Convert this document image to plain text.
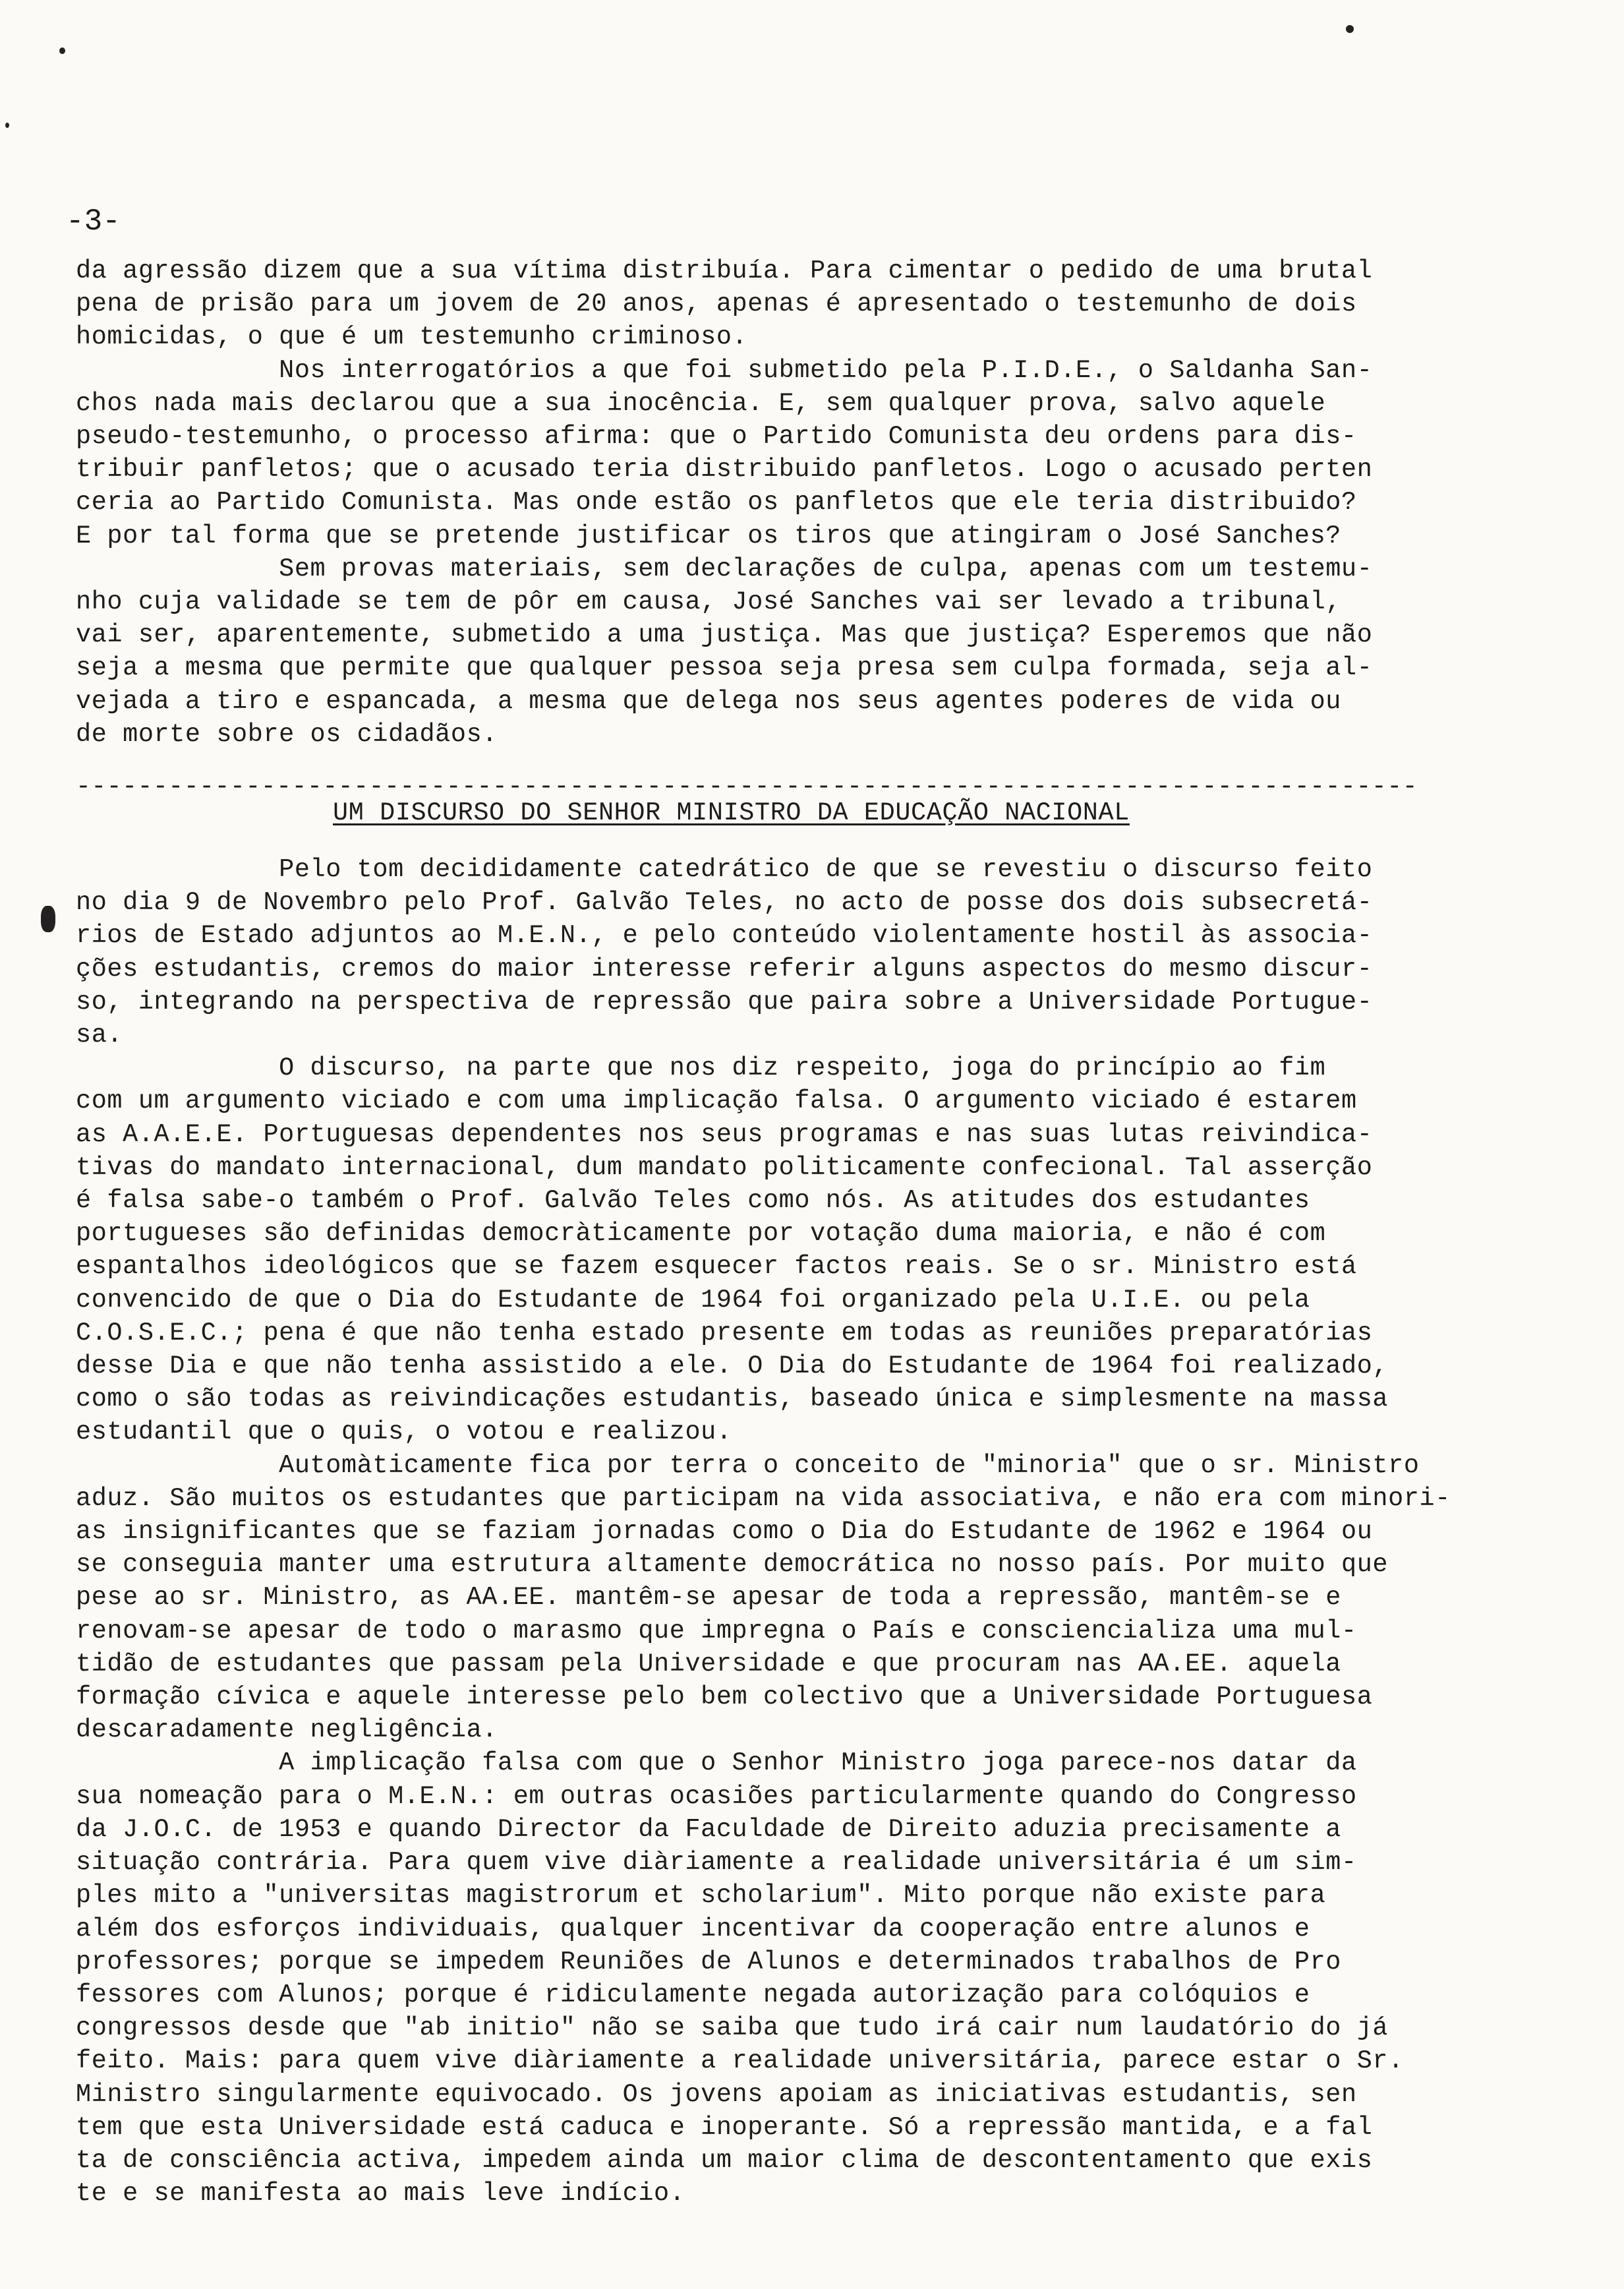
-3-
da agressão dizem que a sua vítima distribuía. Para cimentar o pedido de uma brutal
pena de prisão para um jovem de 20 anos, apenas é apresentado o testemunho de dois
homicidas, o que é um testemunho criminoso.
Nos interrogatórios a que foi submetido pela P.I.D.E., o Saldanha San-
chos nada mais declarou que a sua inocência. E, sem qualquer prova, salvo aquele
pseudo-testemunho, o processo afirma: que o Partido Comunista deu ordens para dis-
tribuir panfletos; que o acusado teria distribuido panfletos. Logo o acusado perten
ceria ao Partido Comunista. Mas onde estão os panfletos que ele teria distribuido?
E por tal forma que se pretende justificar os tiros que atingiram o José Sanches?
Sem provas materiais, sem declarações de culpa, apenas com um testemu-
nho cuja validade se tem de pôr em causa, José Sanches vai ser levado a tribunal,
vai ser, aparentemente, submetido a uma justiça. Mas que justiça? Esperemos que não
seja a mesma que permite que qualquer pessoa seja presa sem culpa formada, seja al-
vejada a tiro e espancada, a mesma que delega nos seus agentes poderes de vida ou
de morte sobre os cidadãos.
---------------------------------------------------------------------------------------
UM DISCURSO DO SENHOR MINISTRO DA EDUCAÇÃO NACIONAL
Pelo tom decididamente catedrático de que se revestiu o discurso feito
no dia 9 de Novembro pelo Prof. Galvão Teles, no acto de posse dos dois subsecretá-
rios de Estado adjuntos ao M.E.N., e pelo conteúdo violentamente hostil às associa-
ções estudantis, cremos do maior interesse referir alguns aspectos do mesmo discur-
so, integrando na perspectiva de repressão que paira sobre a Universidade Portugue-
sa.
O discurso, na parte que nos diz respeito, joga do princípio ao fim
com um argumento viciado e com uma implicação falsa. O argumento viciado é estarem
as A.A.E.E. Portuguesas dependentes nos seus programas e nas suas lutas reivindica-
tivas do mandato internacional, dum mandato politicamente confecional. Tal asserção
é falsa sabe-o também o Prof. Galvão Teles como nós. As atitudes dos estudantes
portugueses são definidas democràticamente por votação duma maioria, e não é com
espantalhos ideológicos que se fazem esquecer factos reais. Se o sr. Ministro está
convencido de que o Dia do Estudante de 1964 foi organizado pela U.I.E. ou pela
C.O.S.E.C.; pena é que não tenha estado presente em todas as reuniões preparatórias
desse Dia e que não tenha assistido a ele. O Dia do Estudante de 1964 foi realizado,
como o são todas as reivindicações estudantis, baseado única e simplesmente na massa
estudantil que o quis, o votou e realizou.
Automàticamente fica por terra o conceito de "minoria" que o sr. Ministro
aduz. São muitos os estudantes que participam na vida associativa, e não era com minori-
as insignificantes que se faziam jornadas como o Dia do Estudante de 1962 e 1964 ou
se conseguia manter uma estrutura altamente democrática no nosso país. Por muito que
pese ao sr. Ministro, as AA.EE. mantêm-se apesar de toda a repressão, mantêm-se e
renovam-se apesar de todo o marasmo que impregna o País e consciencializa uma mul-
tidão de estudantes que passam pela Universidade e que procuram nas AA.EE. aquela
formação cívica e aquele interesse pelo bem colectivo que a Universidade Portuguesa
descaradamente negligência.
A implicação falsa com que o Senhor Ministro joga parece-nos datar da
sua nomeação para o M.E.N.: em outras ocasiões particularmente quando do Congresso
da J.O.C. de 1953 e quando Director da Faculdade de Direito aduzia precisamente a
situação contrária. Para quem vive diàriamente a realidade universitária é um sim-
ples mito a "universitas magistrorum et scholarium". Mito porque não existe para
além dos esforços individuais, qualquer incentivar da cooperação entre alunos e
professores; porque se impedem Reuniões de Alunos e determinados trabalhos de Pro
fessores com Alunos; porque é ridiculamente negada autorização para colóquios e
congressos desde que "ab initio" não se saiba que tudo irá cair num laudatório do já
feito. Mais: para quem vive diàriamente a realidade universitária, parece estar o Sr.
Ministro singularmente equivocado. Os jovens apoiam as iniciativas estudantis, sen
tem que esta Universidade está caduca e inoperante. Só a repressão mantida, e a fal
ta de consciência activa, impedem ainda um maior clima de descontentamento que exis
te e se manifesta ao mais leve indício.
